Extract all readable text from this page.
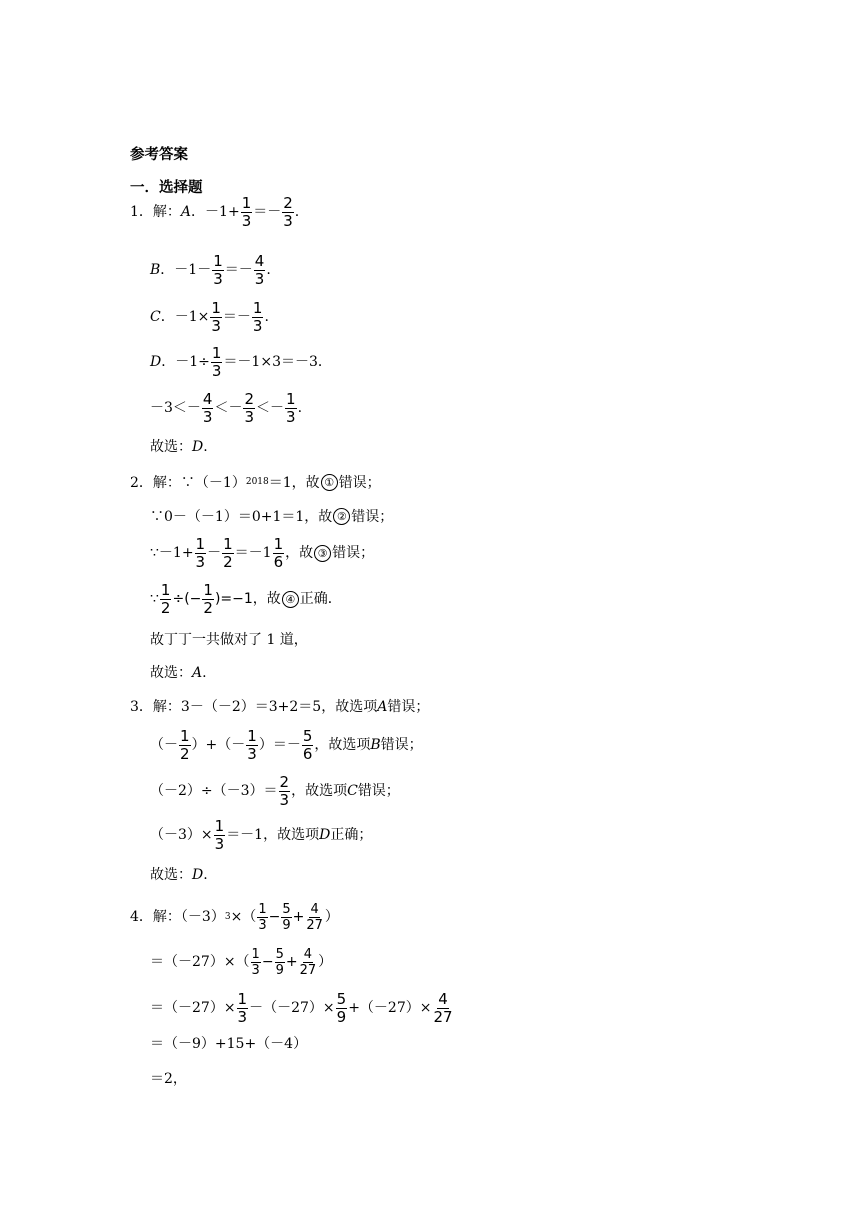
参考答案
一．选择题
1． 解： A ．$-1+ \frac{1}{3} =- \frac{2}{3}$ .
B ．$-1- \frac{1}{3} =- \frac{4}{3}$ .
C ．$-1\times \frac{1}{3} =- \frac{1}{3}$ .
D ．$-1 \div \frac{1}{3} =-1\times 3=-3$．
$-3<- \frac{4}{3} <- \frac{2}{3} <- \frac{1}{3}$ .
故选： D .
2． 解：∵（－1） 2018 ＝1，故 ① 错误；
∵0－（－1）＝0+1＝1，故 ② 错误；
∵－1+ $\frac{1}{3} - \frac{1}{2} =-1 \frac{1}{6}$ ，故 ③ 错误；
∵ $\frac{1}{2}$ ÷ (− $\frac{1}{2} )=-1$ ，故 ④ 正确．
故丁丁一共做对了 1 道，
故选： A .
3． 解：3－（－2）＝3+2＝5，故选项 A 错误；
（－ $\frac{1}{2}$ ）+（－ $\frac{1}{3}$ ）＝－ $\frac{5}{6}$ ，故选项 B 错误；
$(-2)\div(-3)= \frac{2}{3}$ ，故选项 C 错误；
$(-3)\times \frac{1}{3} =-1$，故选项 D 正确；
故选： D .
4． 解：（－3） 3 ×（ $\frac{1}{3} - \frac{5}{9} + \frac{4}{27}$ ）
$=(-27)\times( \frac{1}{3} - \frac{5}{9} + \frac{4}{27}$ ）
$=(-27)\times \frac{1}{3} -(-27)\times \frac{5}{9} +(-27)\times \frac{4}{27}$
＝（－9）+15+（－4）
＝2，
